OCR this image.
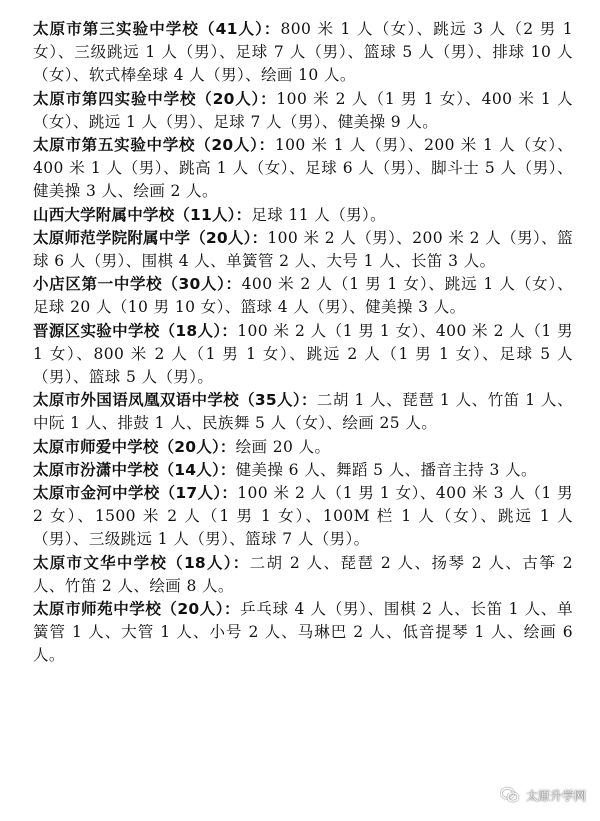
太原市第三实验中学校（41人）：800 米 1 人（女）、跳远 3 人（2 男 1 女）、三级跳远 1 人（男）、足球 7 人（男）、篮球 5 人（男）、排球 10 人（女）、软式棒垒球 4 人（男）、绘画 10 人。

太原市第四实验中学校（20人）：100 米 2 人（1 男 1 女）、400 米 1 人（女）、跳远 1 人（男）、足球 7 人（男）、健美操 9 人。

太原市第五实验中学校（20人）：100 米 1 人（男）、200 米 1 人（女）、400 米 1 人（男）、跳高 1 人（女）、足球 6 人（男）、脚斗士 5 人（男）、健美操 3 人、绘画 2 人。

山西大学附属中学校（11人）：足球 11 人（男）。

太原师范学院附属中学（20人）：100 米 2 人（男）、200 米 2 人（男）、篮球 6 人（男）、围棋 4 人、单簧管 2 人、大号 1 人、长笛 3 人。

小店区第一中学校（30人）：400 米 2 人（1 男 1 女）、跳远 1 人（女）、足球 20 人（10 男 10 女）、篮球 4 人（男）、健美操 3 人。

晋源区实验中学校（18人）：100 米 2 人（1 男 1 女）、400 米 2 人（1 男 1 女）、800 米 2 人（1 男 1 女）、跳远 2 人（1 男 1 女）、足球 5 人（男）、篮球 5 人（男）。

太原市外国语凤凰双语中学校（35人）：二胡 1 人、琵琶 1 人、竹笛 1 人、中阮 1 人、排鼓 1 人、民族舞 5 人（女）、绘画 25 人。

太原市师爱中学校（20人）：绘画 20 人。

太原市汾潇中学校（14人）：健美操 6 人、舞蹈 5 人、播音主持 3 人。

太原市金河中学校（17人）：100 米 2 人（1 男 1 女）、400 米 3 人（1 男 2 女）、1500 米 2 人（1 男 1 女）、100M 栏 1 人（女）、跳远 1 人（男）、三级跳远 1 人（男）、篮球 7 人（男）。

太原市文华中学校（18人）：二胡 2 人、琵琶 2 人、扬琴 2 人、古筝 2 人、竹笛 2 人、绘画 8 人。

太原市师苑中学校（20人）：乒乓球 4 人（男）、围棋 2 人、长笛 1 人、单簧管 1 人、大管 1 人、小号 2 人、马琳巴 2 人、低音提琴 1 人、绘画 6 人。

太原升学网
